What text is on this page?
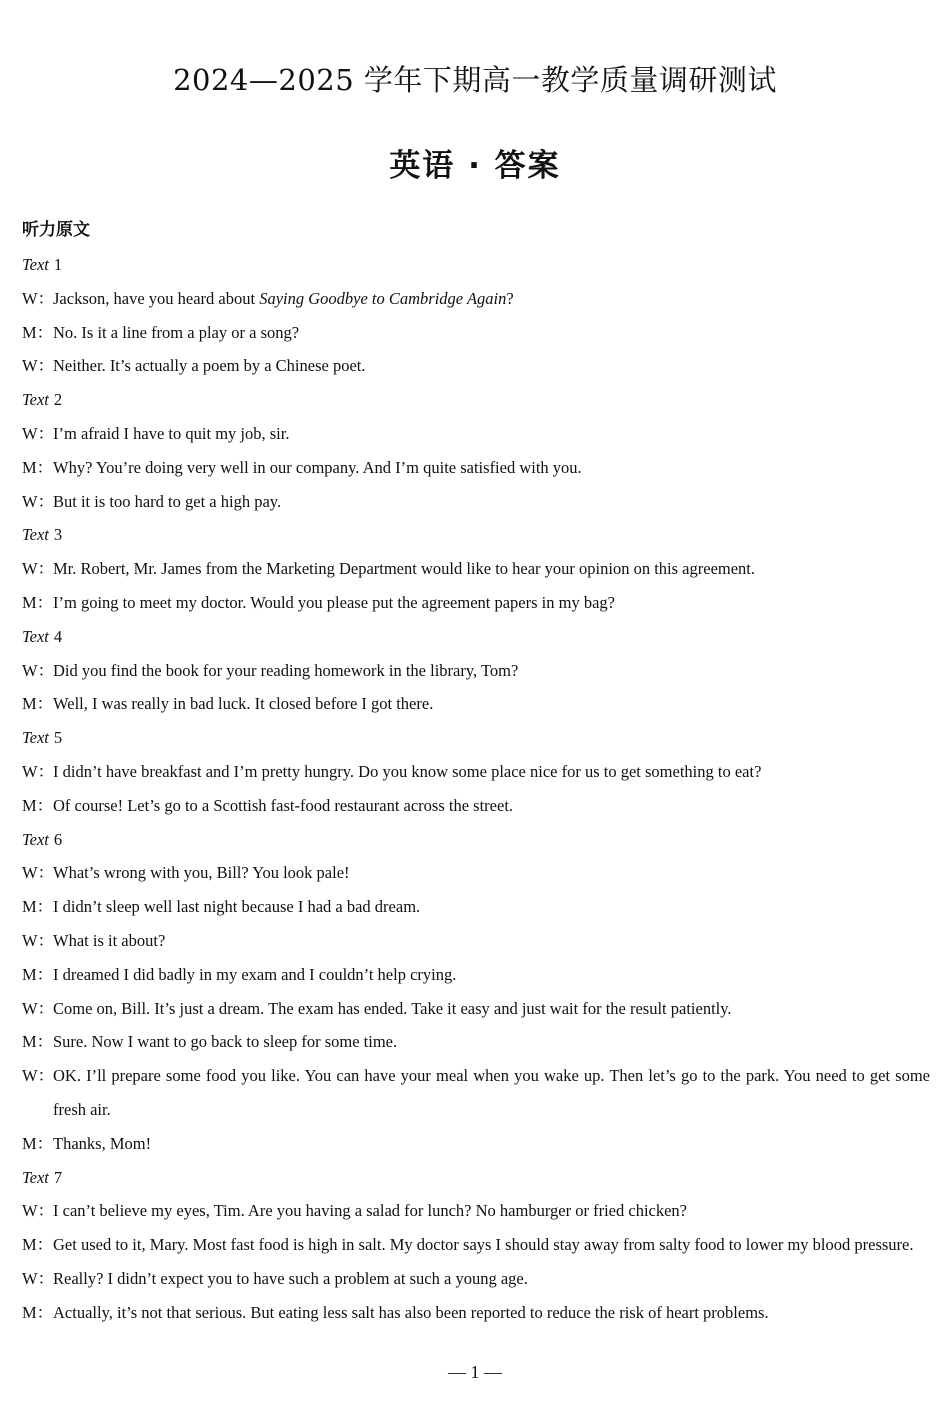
2024—2025 学年下期高一教学质量调研测试
英语 · 答案
听力原文
Text 1
W：
Jackson, have you heard about Saying Goodbye to Cambridge Again?
M： No. Is it a line from a play or a song?
W：
Neither. It’s actually a poem by a Chinese poet.
Text 2
W：
I’m afraid I have to quit my job, sir.
M： Why? You’re doing very well in our company. And I’m quite satisfied with you.
W：
But it is too hard to get a high pay.
Text 3
W：
Mr. Robert, Mr. James from the Marketing Department would like to hear your opinion on this agreement.
M： I’m going to meet my doctor. Would you please put the agreement papers in my bag?
Text 4
W：
Did you find the book for your reading homework in the library, Tom?
M： Well, I was really in bad luck. It closed before I got there.
Text 5
W：
I didn’t have breakfast and I’m pretty hungry. Do you know some place nice for us to get something to eat?
M： Of course! Let’s go to a Scottish fast-food restaurant across the street.
Text 6
W：
What’s wrong with you, Bill? You look pale!
M： I didn’t sleep well last night because I had a bad dream.
W：
What is it about?
M： I dreamed I did badly in my exam and I couldn’t help crying.
W：
Come on, Bill. It’s just a dream. The exam has ended. Take it easy and just wait for the result patiently.
M： Sure. Now I want to go back to sleep for some time.
W：
OK. I’ll prepare some food you like. You can have your meal when you wake up. Then let’s go to the park. You need to get some fresh air.
M： Thanks, Mom!
Text 7
W：
I can’t believe my eyes, Tim. Are you having a salad for lunch? No hamburger or fried chicken?
M： Get used to it, Mary. Most fast food is high in salt. My doctor says I should stay away from salty food to lower my blood pressure.
W：
Really? I didn’t expect you to have such a problem at such a young age.
M： Actually, it’s not that serious. But eating less salt has also been reported to reduce the risk of heart problems.
— 1 —
